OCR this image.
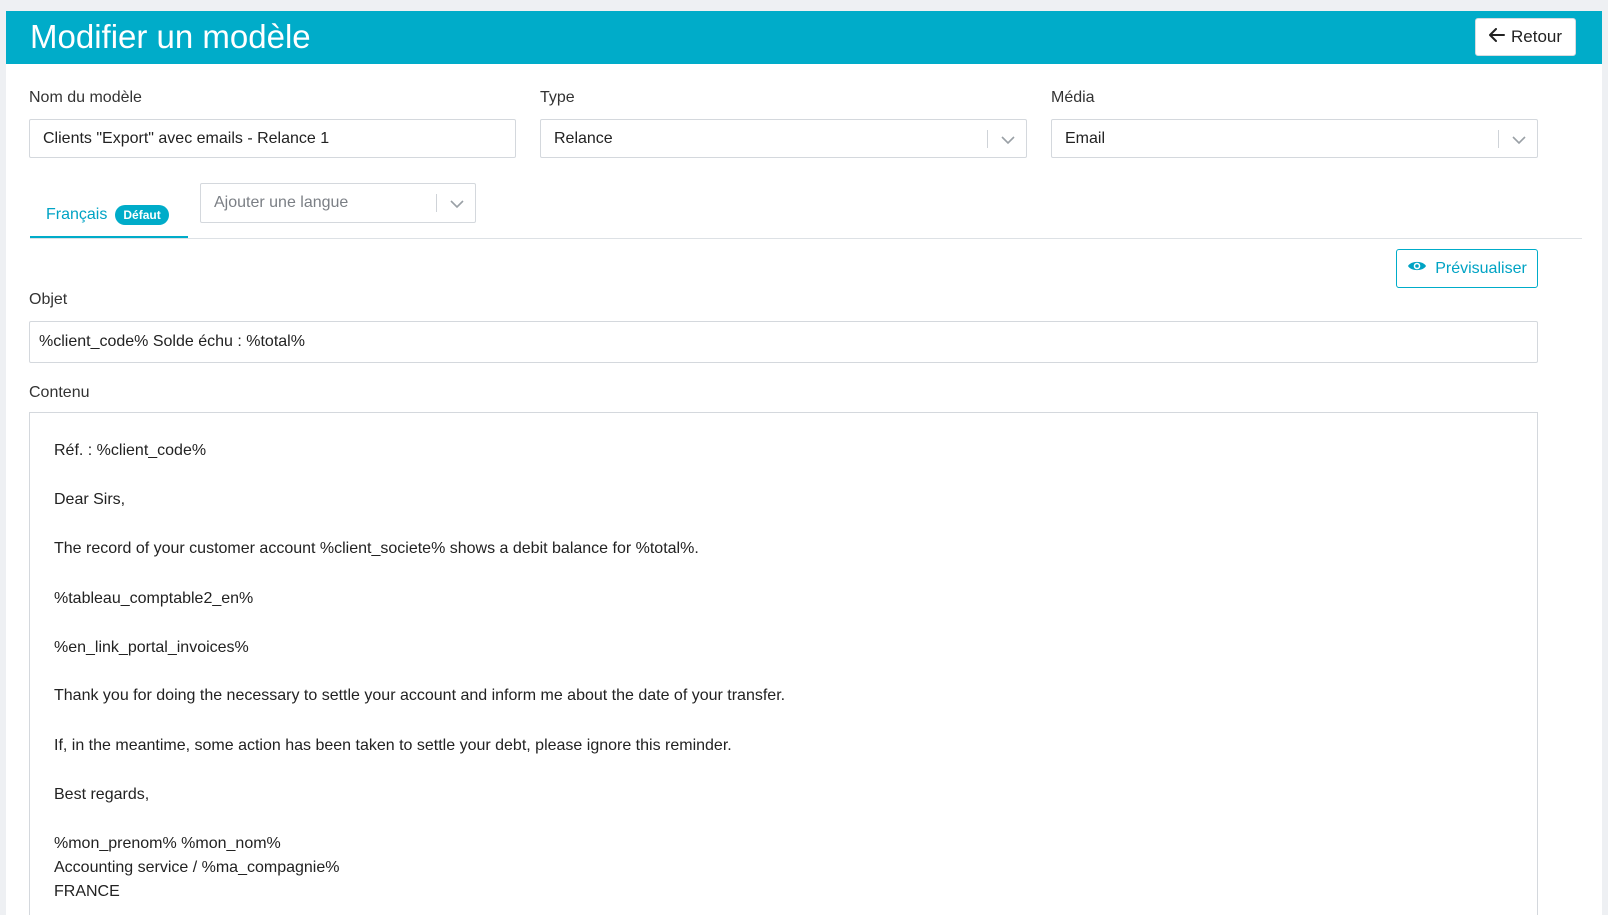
Modifier un modèle	Retour
Nom du modèle
Clients "Export" avec emails - Relance 1
Type
Relance
Média
Email
Français	Défaut
Ajouter une langue
Prévisualiser
Objet
%client_code% Solde échu : %total%
Contenu
Réf. : %client_code%
Dear Sirs,
The record of your customer account %client_societe% shows a debit balance for %total%.
%tableau_comptable2_en%
%en_link_portal_invoices%
Thank you for doing the necessary to settle your account and inform me about the date of your transfer.
If, in the meantime, some action has been taken to settle your debt, please ignore this reminder.
Best regards,
%mon_prenom% %mon_nom%
Accounting service / %ma_compagnie%
FRANCE
